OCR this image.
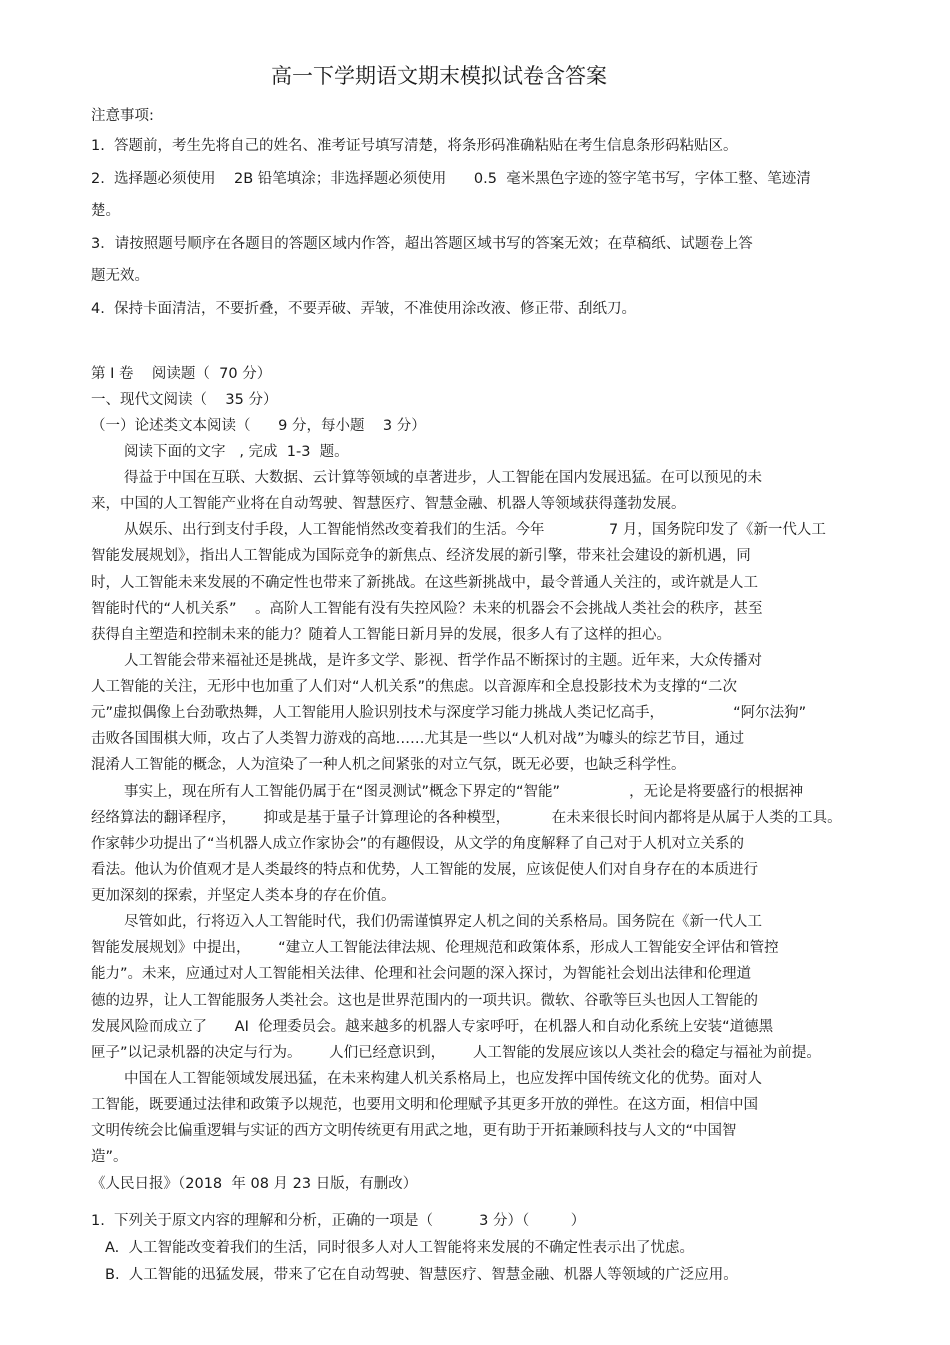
高一下学期语文期末模拟试卷含答案
注意事项:
1.  答题前，考生先将自己的姓名、准考证号填写清楚，将条形码准确粘贴在考生信息条形码粘贴区。
2.  选择题必须使用    2B 铅笔填涂；非选择题必须使用      0.5  毫米黑色字迹的签字笔书写，字体工整、笔迹清
楚。
3．请按照题号顺序在各题目的答题区域内作答，超出答题区域书写的答案无效；在草稿纸、试题卷上答
题无效。
4.  保持卡面清洁，不要折叠，不要弄破、弄皱，不准使用涂改液、修正带、刮纸刀。
第 I 卷    阅读题（  70 分）
一、现代文阅读（    35 分）
（一）论述类文本阅读（      9 分，每小题    3 分）
阅读下面的文字   , 完成  1-3  题。
得益于中国在互联、大数据、云计算等领域的卓著进步，人工智能在国内发展迅猛。在可以预见的未
来，中国的人工智能产业将在自动驾驶、智慧医疗、智慧金融、机器人等领域获得蓬勃发展。
从娱乐、出行到支付手段，人工智能悄然改变着我们的生活。今年              7 月，国务院印发了《新一代人工
智能发展规划》，指出人工智能成为国际竞争的新焦点、经济发展的新引擎，带来社会建设的新机遇，同
时，人工智能未来发展的不确定性也带来了新挑战。在这些新挑战中，最令普通人关注的，或许就是人工
智能时代的“人机关系”    。高阶人工智能有没有失控风险？未来的机器会不会挑战人类社会的秩序，甚至
获得自主塑造和控制未来的能力？随着人工智能日新月异的发展，很多人有了这样的担心。
人工智能会带来福祉还是挑战，是许多文学、影视、哲学作品不断探讨的主题。近年来，大众传播对
人工智能的关注，无形中也加重了人们对“人机关系”的焦虑。以音源库和全息投影技术为支撑的“二次
元”虚拟偶像上台劲歌热舞，人工智能用人脸识别技术与深度学习能力挑战人类记忆高手，               “阿尔法狗”
击败各国围棋大师，攻占了人类智力游戏的高地……尤其是一些以“人机对战”为噱头的综艺节目，通过
混淆人工智能的概念，人为渲染了一种人机之间紧张的对立气氛，既无必要，也缺乏科学性。
事实上，现在所有人工智能仍属于在“图灵测试”概念下界定的“智能”               ，无论是将要盛行的根据神
经络算法的翻译程序，      抑或是基于量子计算理论的各种模型，         在未来很长时间内都将是从属于人类的工具。
作家韩少功提出了“当机器人成立作家协会”的有趣假设，从文学的角度解释了自己对于人机对立关系的
看法。他认为价值观才是人类最终的特点和优势，人工智能的发展，应该促使人们对自身存在的本质进行
更加深刻的探索，并坚定人类本身的存在价值。
尽管如此，行将迈入人工智能时代，我们仍需谨慎界定人机之间的关系格局。国务院在《新一代人工
智能发展规划》中提出，      “建立人工智能法律法规、伦理规范和政策体系，形成人工智能安全评估和管控
能力”。未来，应通过对人工智能相关法律、伦理和社会问题的深入探讨，为智能社会划出法律和伦理道
德的边界，让人工智能服务人类社会。这也是世界范围内的一项共识。微软、谷歌等巨头也因人工智能的
发展风险而成立了      AI  伦理委员会。越来越多的机器人专家呼吁，在机器人和自动化系统上安装“道德黑
匣子”以记录机器的决定与行为。      人们已经意识到，      人工智能的发展应该以人类社会的稳定与福祉为前提。
中国在人工智能领域发展迅猛，在未来构建人机关系格局上，也应发挥中国传统文化的优势。面对人
工智能，既要通过法律和政策予以规范，也要用文明和伦理赋予其更多开放的弹性。在这方面，相信中国
文明传统会比偏重逻辑与实证的西方文明传统更有用武之地，更有助于开拓兼顾科技与人文的“中国智
造”。
《人民日报》（2018  年 08 月 23 日版，有删改）
1.  下列关于原文内容的理解和分析，正确的一项是（          3 分）（         ）
A.  人工智能改变着我们的生活，同时很多人对人工智能将来发展的不确定性表示出了忧虑。
B.  人工智能的迅猛发展，带来了它在自动驾驶、智慧医疗、智慧金融、机器人等领域的广泛应用。
